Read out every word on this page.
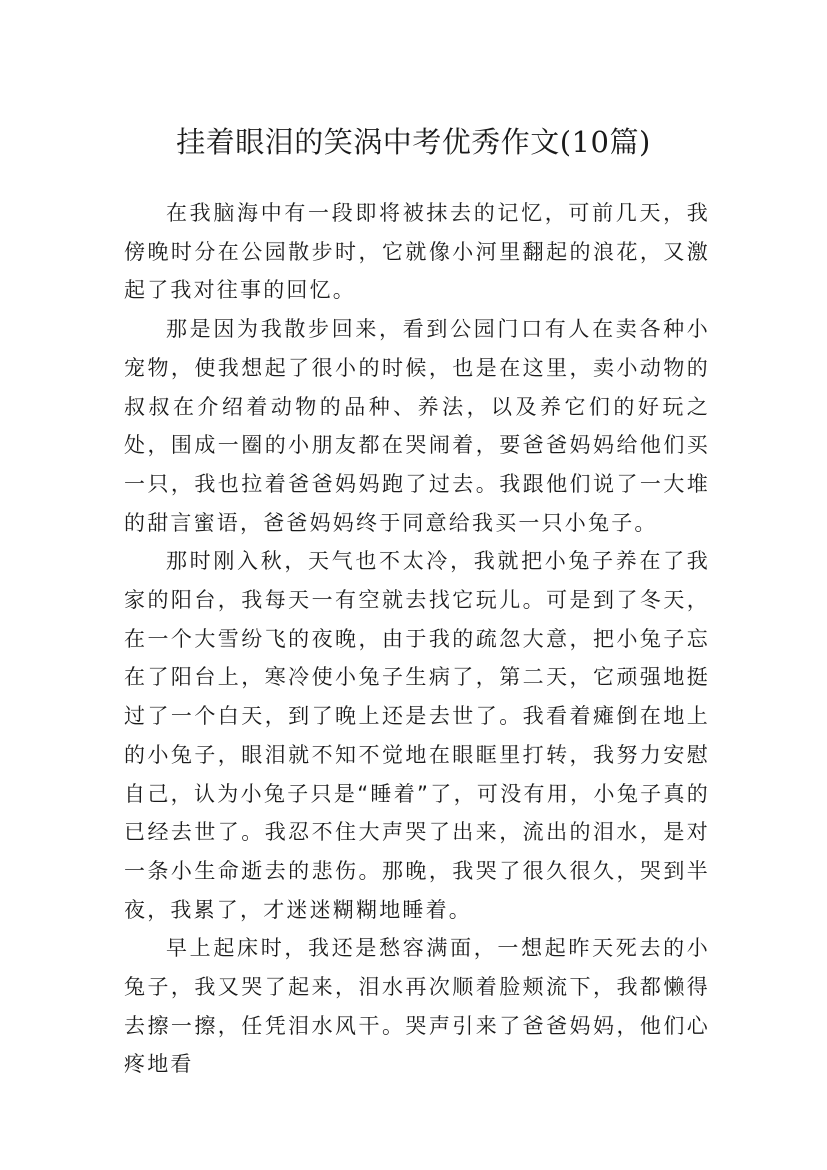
挂着眼泪的笑涡中考优秀作文(10篇)

在我脑海中有一段即将被抹去的记忆，可前几天，我傍晚时分在公园散步时，它就像小河里翻起的浪花，又激起了我对往事的回忆。

那是因为我散步回来，看到公园门口有人在卖各种小宠物，使我想起了很小的时候，也是在这里，卖小动物的叔叔在介绍着动物的品种、养法，以及养它们的好玩之处，围成一圈的小朋友都在哭闹着，要爸爸妈妈给他们买一只，我也拉着爸爸妈妈跑了过去。我跟他们说了一大堆的甜言蜜语，爸爸妈妈终于同意给我买一只小兔子。

那时刚入秋，天气也不太冷，我就把小兔子养在了我家的阳台，我每天一有空就去找它玩儿。可是到了冬天，在一个大雪纷飞的夜晚，由于我的疏忽大意，把小兔子忘在了阳台上，寒冷使小兔子生病了，第二天，它顽强地挺过了一个白天，到了晚上还是去世了。我看着瘫倒在地上的小兔子，眼泪就不知不觉地在眼眶里打转，我努力安慰自己，认为小兔子只是“睡着”了，可没有用，小兔子真的已经去世了。我忍不住大声哭了出来，流出的泪水，是对一条小生命逝去的悲伤。那晚，我哭了很久很久，哭到半夜，我累了，才迷迷糊糊地睡着。

早上起床时，我还是愁容满面，一想起昨天死去的小兔子，我又哭了起来，泪水再次顺着脸颊流下，我都懒得去擦一擦，任凭泪水风干。哭声引来了爸爸妈妈，他们心疼地看
